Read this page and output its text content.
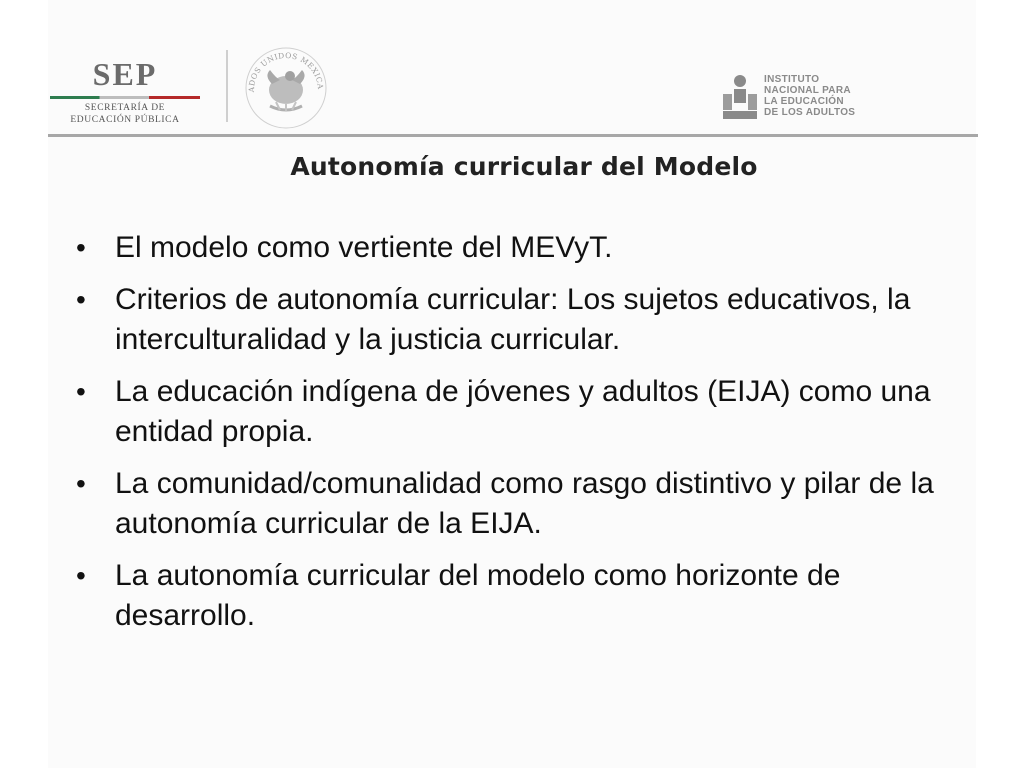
SEP
SECRETARÍA DE
EDUCACIÓN PÚBLICA
ADOS UNIDOS MEXICA
INSTITUTO
NACIONAL PARA
LA EDUCACIÓN
DE LOS ADULTOS
Autonomía curricular del Modelo
• El modelo como vertiente del MEVyT.
• Criterios de autonomía curricular: Los sujetos educativos, la interculturalidad y la justicia curricular.
• La educación indígena de jóvenes y adultos (EIJA) como una entidad propia.
• La comunidad/comunalidad como rasgo distintivo y pilar de la autonomía curricular de la EIJA.
• La autonomía curricular del modelo como horizonte de desarrollo.
